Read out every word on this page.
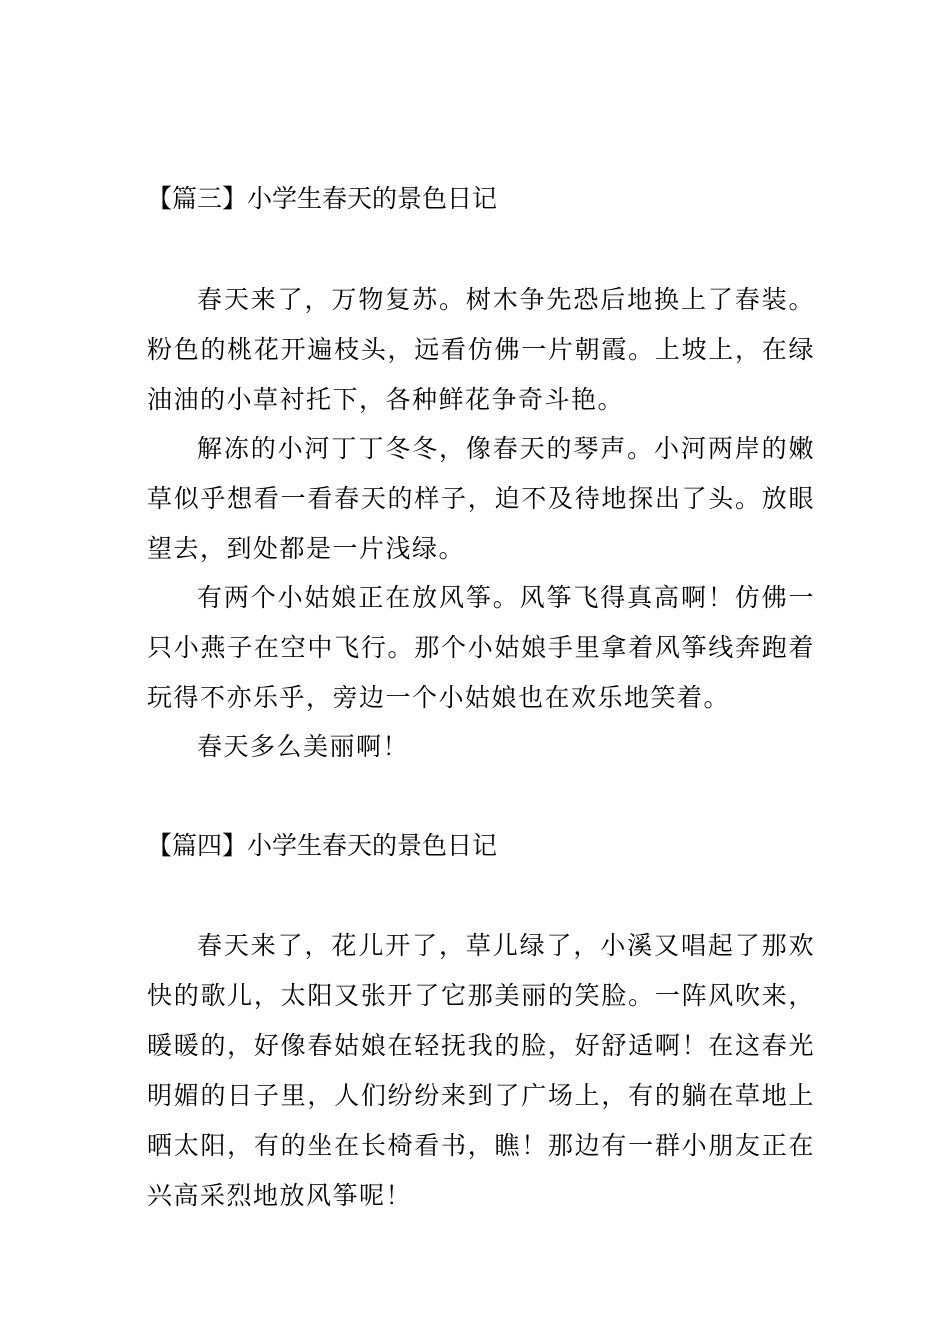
【篇三】小学生春天的景色日记

春天来了，万物复苏。树木争先恐后地换上了春装。粉色的桃花开遍枝头，远看仿佛一片朝霞。上坡上，在绿油油的小草衬托下，各种鲜花争奇斗艳。

解冻的小河丁丁冬冬，像春天的琴声。小河两岸的嫩草似乎想看一看春天的样子，迫不及待地探出了头。放眼望去，到处都是一片浅绿。

有两个小姑娘正在放风筝。风筝飞得真高啊！仿佛一只小燕子在空中飞行。那个小姑娘手里拿着风筝线奔跑着玩得不亦乐乎，旁边一个小姑娘也在欢乐地笑着。

春天多么美丽啊！

【篇四】小学生春天的景色日记

春天来了，花儿开了，草儿绿了，小溪又唱起了那欢快的歌儿，太阳又张开了它那美丽的笑脸。一阵风吹来，暖暖的，好像春姑娘在轻抚我的脸，好舒适啊！在这春光明媚的日子里，人们纷纷来到了广场上，有的躺在草地上晒太阳，有的坐在长椅看书，瞧！那边有一群小朋友正在兴高采烈地放风筝呢！
